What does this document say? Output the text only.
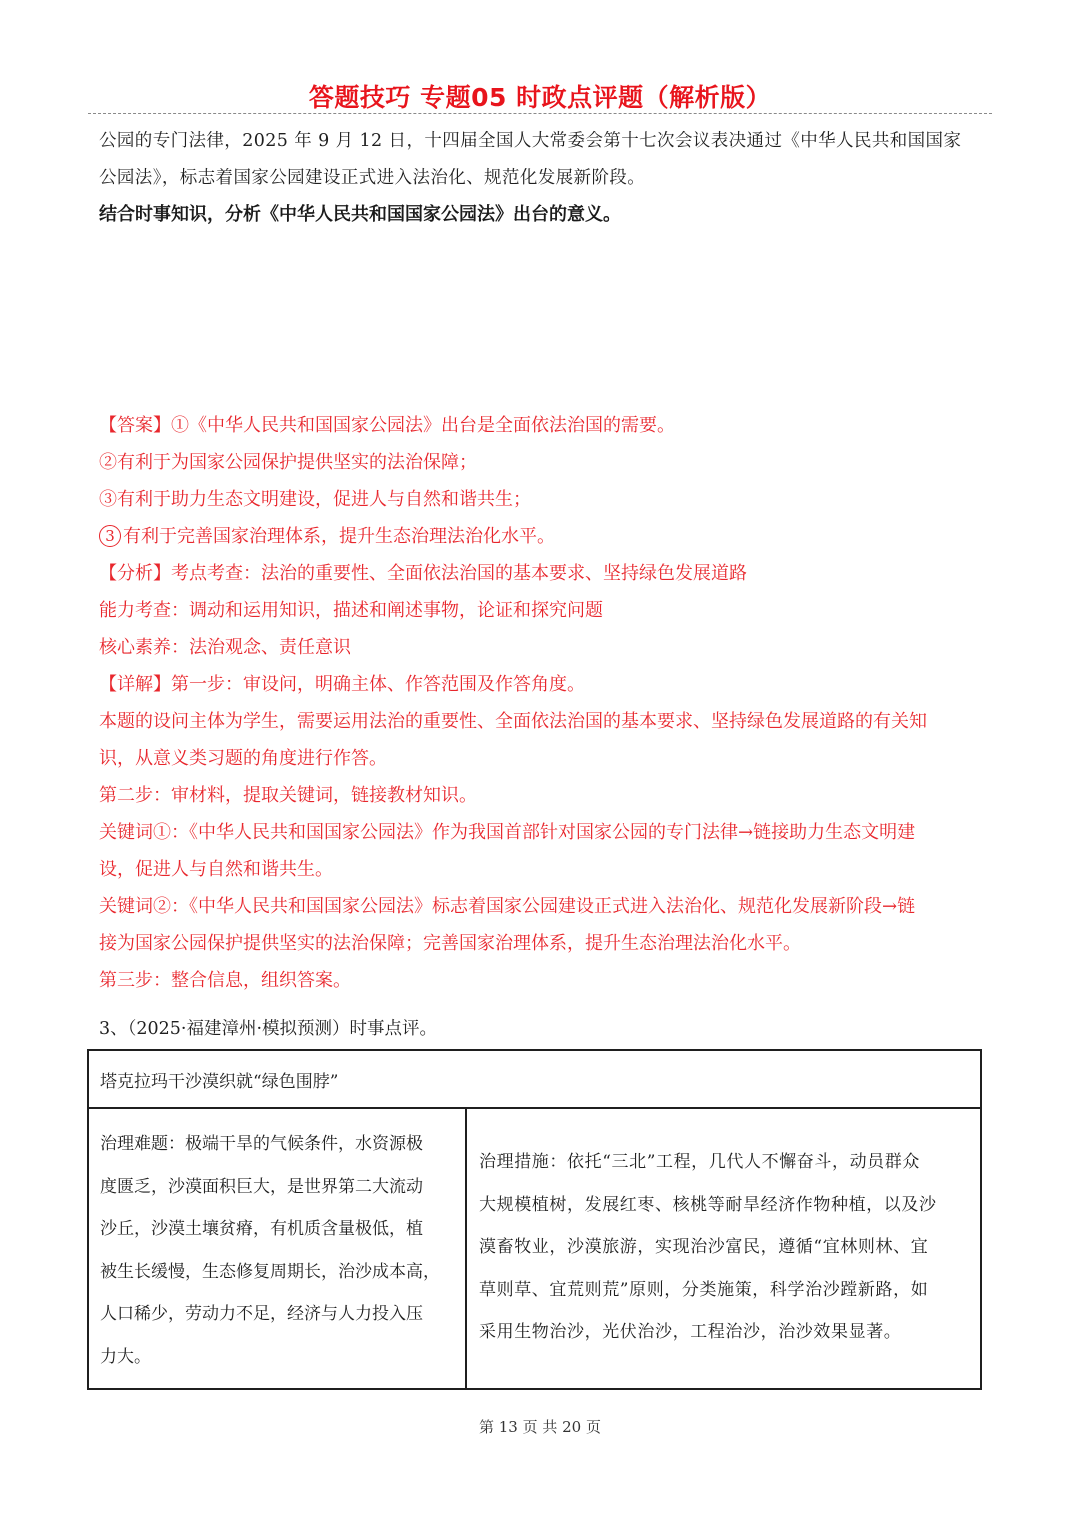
答题技巧 专题05 时政点评题（解析版）
公园的专门法律，2025 年 9 月 12 日，十四届全国人大常委会第十七次会议表决通过《中华人民共和国国家
公园法》，标志着国家公园建设正式进入法治化、规范化发展新阶段。
结合时事知识，分析《中华人民共和国国家公园法》出台的意义。
【答案】①《中华人民共和国国家公园法》出台是全面依法治国的需要。
②有利于为国家公园保护提供坚实的法治保障；
③有利于助力生态文明建设，促进人与自然和谐共生；
3 有利于完善国家治理体系，提升生态治理法治化水平。
【分析】考点考查：法治的重要性、全面依法治国的基本要求、坚持绿色发展道路
能力考查：调动和运用知识，描述和阐述事物，论证和探究问题
核心素养：法治观念、责任意识
【详解】第一步：审设问，明确主体、作答范围及作答角度。
本题的设问主体为学生，需要运用法治的重要性、全面依法治国的基本要求、坚持绿色发展道路的有关知
识，从意义类习题的角度进行作答。
第二步：审材料，提取关键词，链接教材知识。
关键词①：《中华人民共和国国家公园法》作为我国首部针对国家公园的专门法律→链接助力生态文明建
设，促进人与自然和谐共生。
关键词②：《中华人民共和国国家公园法》标志着国家公园建设正式进入法治化、规范化发展新阶段→链
接为国家公园保护提供坚实的法治保障；完善国家治理体系，提升生态治理法治化水平。
第三步：整合信息，组织答案。
3、（2025·福建漳州·模拟预测）时事点评。
塔克拉玛干沙漠织就“绿色围脖”

治理难题：极端干旱的气候条件，水资源极
度匮乏，沙漠面积巨大，是世界第二大流动
沙丘，沙漠土壤贫瘠，有机质含量极低，植
被生长缓慢，生态修复周期长，治沙成本高，
人口稀少，劳动力不足，经济与人力投入压
力大。

治理措施：依托“三北”工程，几代人不懈奋斗，动员群众
大规模植树，发展红枣、核桃等耐旱经济作物种植，以及沙
漠畜牧业，沙漠旅游，实现治沙富民，遵循“宜林则林、宜
草则草、宜荒则荒”原则，分类施策，科学治沙蹚新路，如
采用生物治沙，光伏治沙，工程治沙，治沙效果显著。
第 13 页 共 20 页
